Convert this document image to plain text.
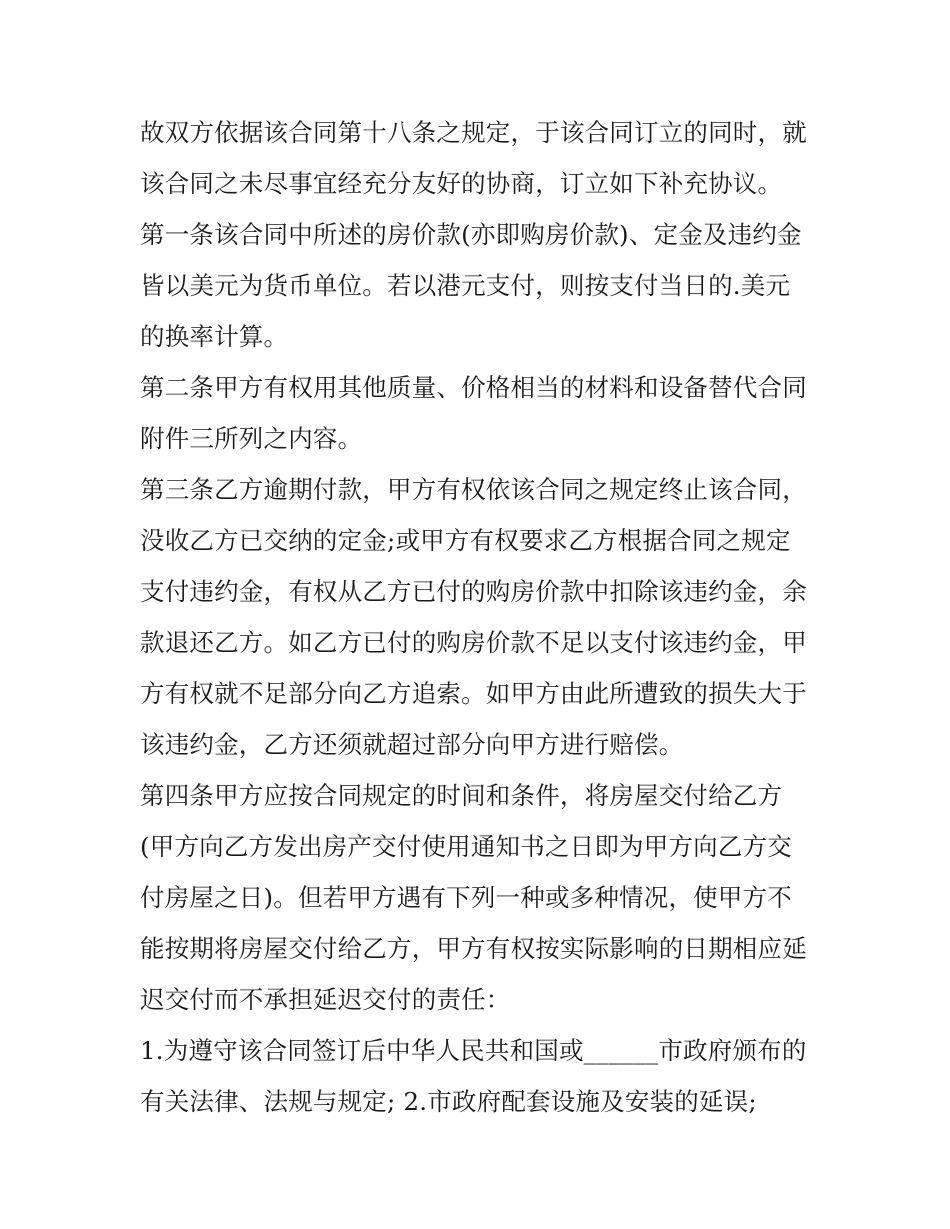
故双方依据该合同第十八条之规定，于该合同订立的同时，就
该合同之未尽事宜经充分友好的协商，订立如下补充协议。

第一条该合同中所述的房价款(亦即购房价款)、定金及违约金
皆以美元为货币单位。若以港元支付，则按支付当日的.美元
的换率计算。

第二条甲方有权用其他质量、价格相当的材料和设备替代合同
附件三所列之内容。

第三条乙方逾期付款，甲方有权依该合同之规定终止该合同，
没收乙方已交纳的定金;或甲方有权要求乙方根据合同之规定
支付违约金，有权从乙方已付的购房价款中扣除该违约金，余
款退还乙方。如乙方已付的购房价款不足以支付该违约金，甲
方有权就不足部分向乙方追索。如甲方由此所遭致的损失大于
该违约金，乙方还须就超过部分向甲方进行赔偿。

第四条甲方应按合同规定的时间和条件，将房屋交付给乙方
(甲方向乙方发出房产交付使用通知书之日即为甲方向乙方交
付房屋之日)。但若甲方遇有下列一种或多种情况，使甲方不
能按期将房屋交付给乙方，甲方有权按实际影响的日期相应延
迟交付而不承担延迟交付的责任：

1.为遵守该合同签订后中华人民共和国或______市政府颁布的
有关法律、法规与规定; 2.市政府配套设施及安装的延误;
